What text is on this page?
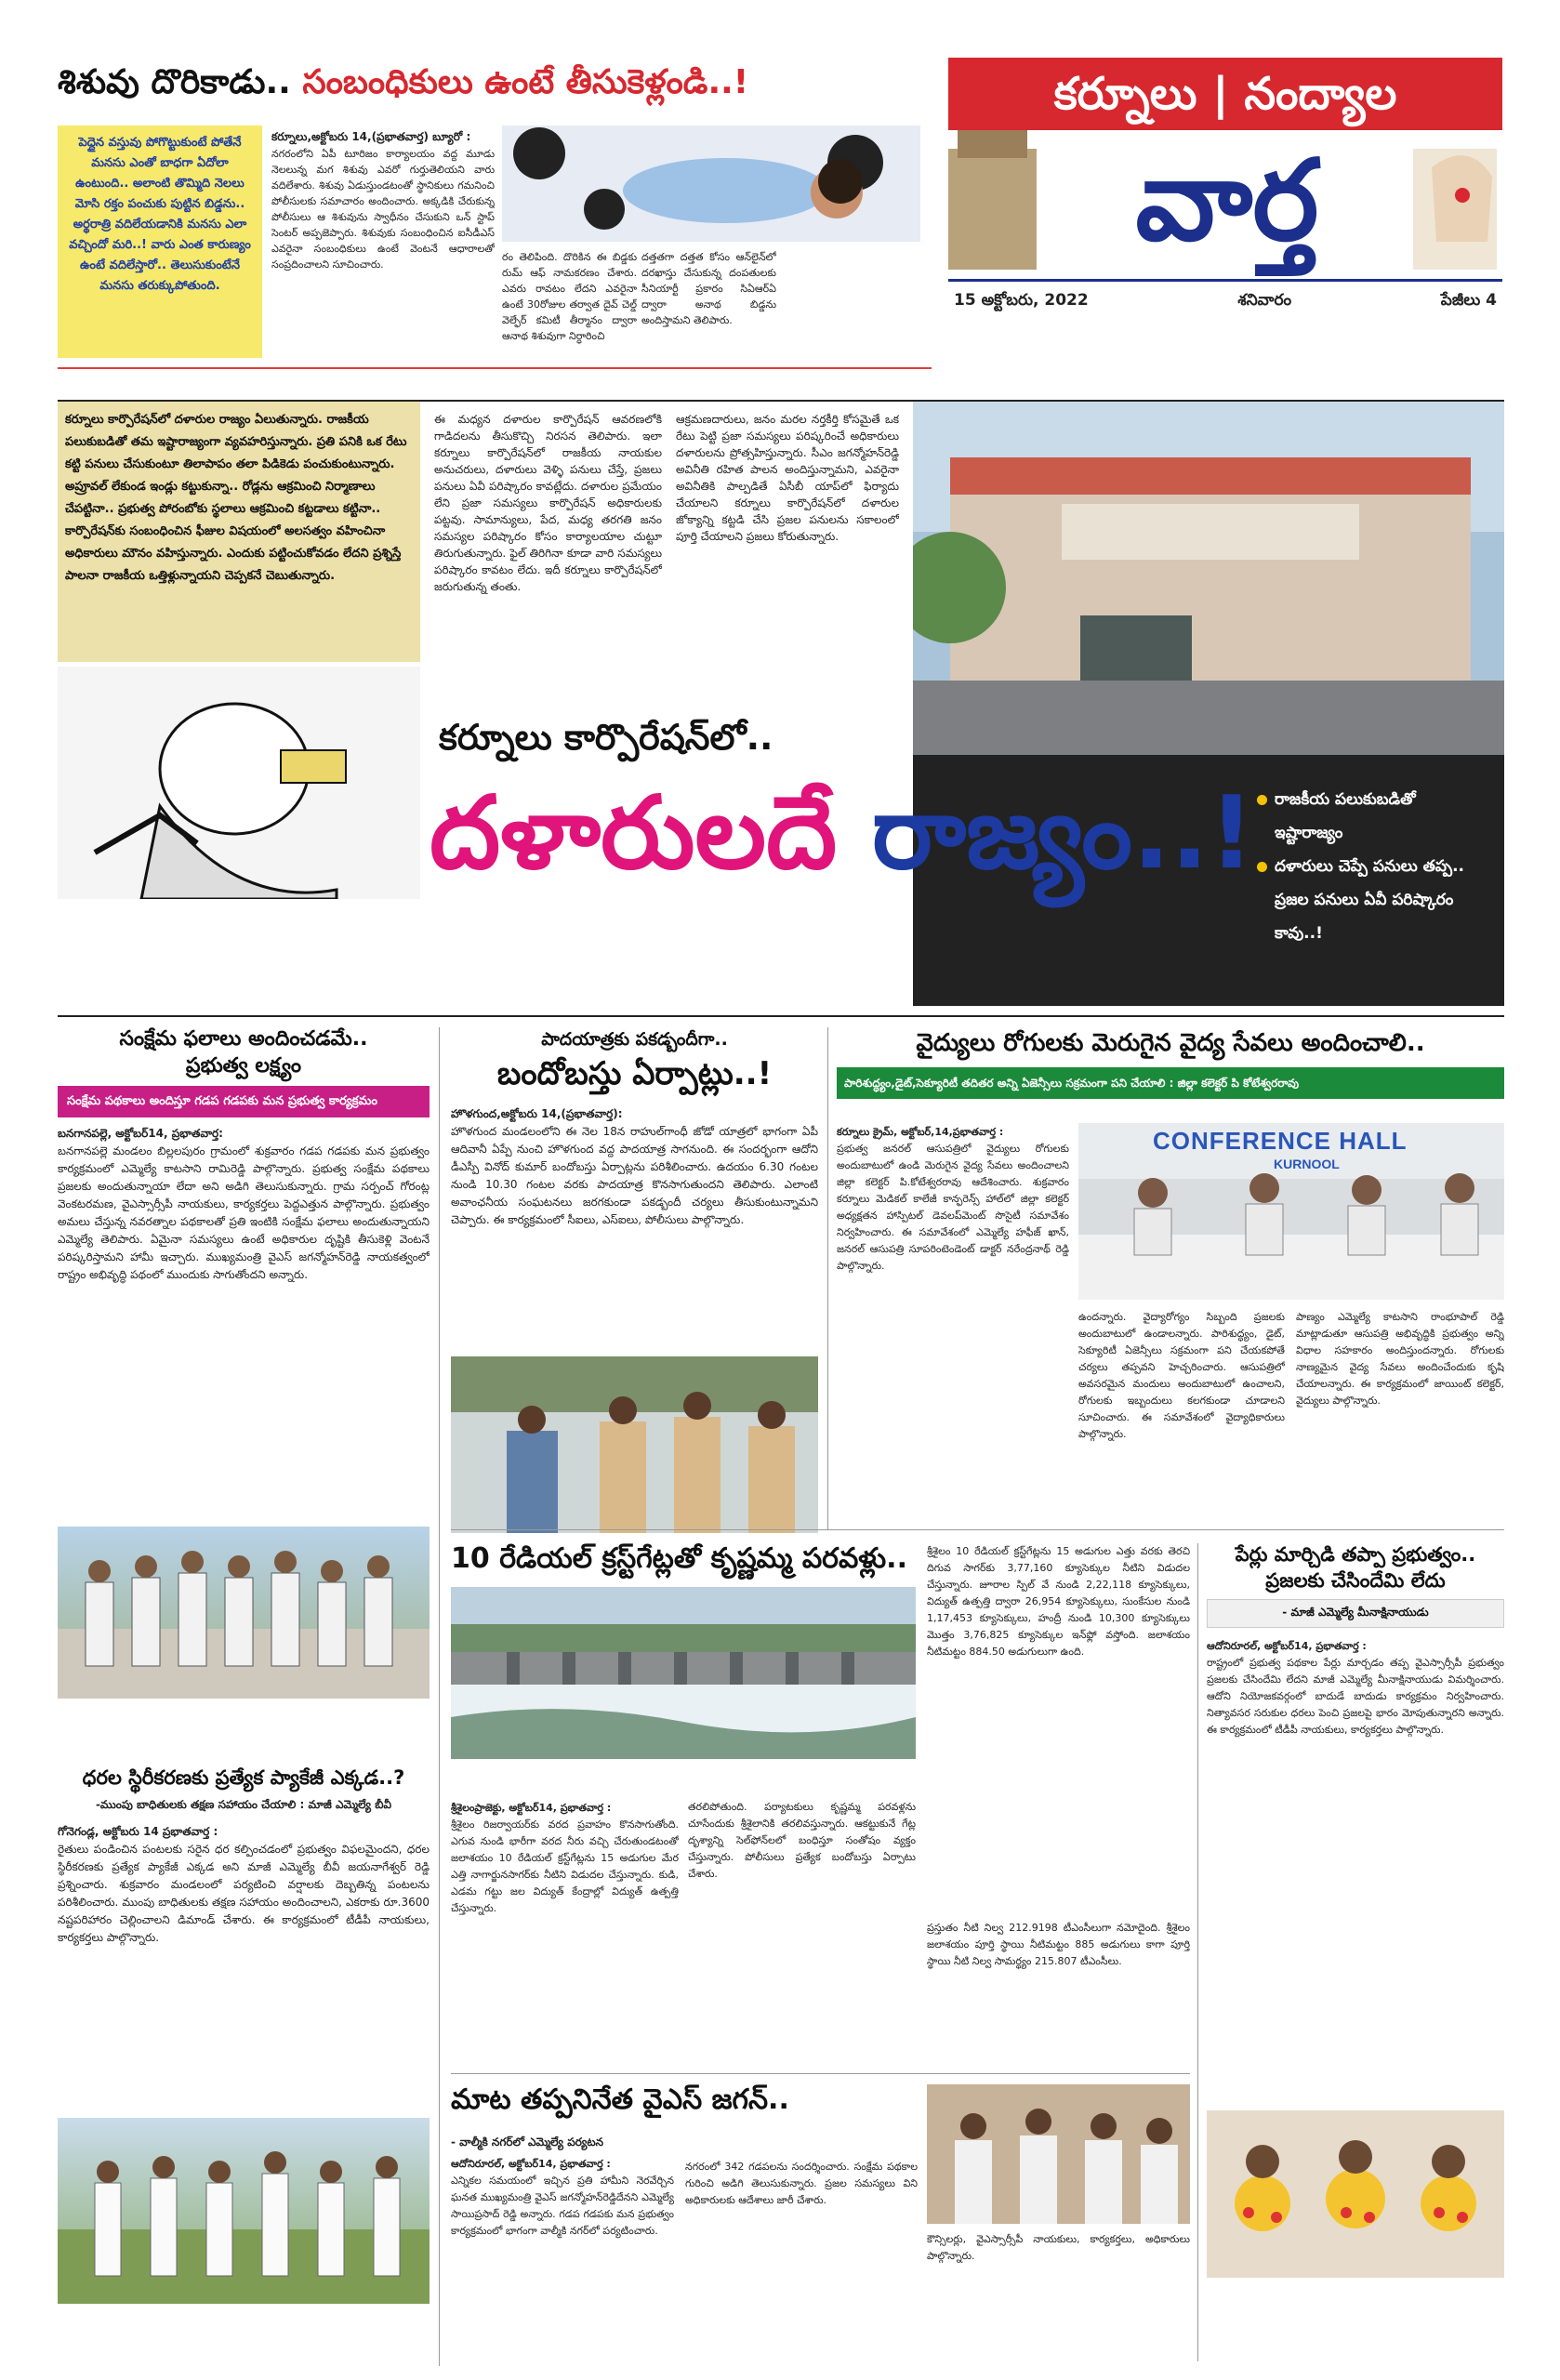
శిశువు దొరికాడు.. సంబంధికులు ఉంటే తీసుకెళ్లండి..!
పెద్దైన వస్తువు పోగొట్టుకుంటే పోతేనే మనసు ఎంతో బాధగా ఏదోలా ఉంటుంది.. అలాంటి తొమ్మిది నెలలు మోసి రక్తం పంచుకు పుట్టిన బిడ్డను.. అర్థరాత్రి వదిలేయడానికి మనసు ఎలా వచ్చిందో మరి..! వారు ఎంత కారుణ్యం ఉంటే వదిలేస్తారో.. తెలుసుకుంటేనే మనసు తరుక్కుపోతుంది.
కర్నూలు,అక్టోబరు 14,(ప్రభాతవార్త) బ్యూరో :
నగరంలోని ఏపీ టూరిజం కార్యాలయం వద్ద మూడు నెలలున్న మగ శిశువు ఎవరో గుర్తుతెలియని వారు వదిలేశారు. శిశువు ఏడుస్తుండటంతో స్థానికులు గమనించి పోలీసులకు సమాచారం అందించారు. అక్కడికి చేరుకున్న పోలీసులు ఆ శిశువును స్వాధీనం చేసుకుని ఒన్ స్టాప్ సెంటర్ అప్పజెప్పారు. శిశువుకు సంబంధించిన ఐసీడీఎస్ ఎవరైనా సంబంధికులు ఉంటే వెంటనే ఆధారాలతో సంప్రదించాలని సూచించారు.
రం తెలిపింది. దొరికిన ఈ బిడ్డకు రుమ్ ఆఫ్ నామకరణం చేశారు. ఎవరు రావటం లేదని ఎవరైనా ఉంటే 30రోజుల తర్వాత దైవ్ చెల్డ్ వెల్ఫేర్ కమిటీ తీర్మానం ద్వారా ఆనాథ శిశువుగా నిర్ధారించి
దత్తతగా దత్తత కోసం ఆన్‌లైన్‌లో దరఖాస్తు చేసుకున్న దంపతులకు సీనియార్టీ ప్రకారం సిఏఆర్ఏ ద్వారా అనాథ బిడ్డను అందిస్తామని తెలిపారు.
కర్నూలు | నంద్యాల
వార్త
15 అక్టోబరు, 2022	శనివారం	పేజీలు 4
కర్నూలు కార్పొరేషన్‌లో దళారుల రాజ్యం ఏలుతున్నారు. రాజకీయ పలుకుబడితో తమ ఇష్టారాజ్యంగా వ్యవహరిస్తున్నారు. ప్రతి పనికి ఒక రేటు కట్టి పనులు చేసుకుంటూ తిలాపాపం తలా పిడికెడు పంచుకుంటున్నారు. అప్రూవల్ లేకుండ ఇండ్లు కట్టుకున్నా.. రోడ్లను ఆక్రమించి నిర్మాణాలు చేపట్టినా.. ప్రభుత్వ పోరంబోకు స్థలాలు ఆక్రమించి కట్టడాలు కట్టినా.. కార్పొరేషన్‌కు సంబంధించిన ఫీజుల విషయంలో అలసత్వం వహించినా అధికారులు మౌనం వహిస్తున్నారు. ఎందుకు పట్టించుకోవడం లేదని ప్రశ్నిస్తే పాలనా రాజకీయ ఒత్తిళ్లున్నాయని చెప్పకనే చెబుతున్నారు.
ఈ మధ్యన దళారుల కార్పొరేషన్ ఆవరణలోకి గాడిదలను తీసుకొచ్చి నిరసన తెలిపారు. ఇలా కర్నూలు కార్పొరేషన్‌లో రాజకీయ నాయకుల అనుచరులు, దళారులు వెళ్ళి పనులు చేస్తే, ప్రజలు పనులు ఏవీ పరిష్కారం కావట్లేదు. దళారుల ప్రమేయం లేని ప్రజా సమస్యలు కార్పొరేషన్ అధికారులకు పట్టవు. సామాన్యులు, పేద, మధ్య తరగతి జనం సమస్యల పరిష్కారం కోసం కార్యాలయాల చుట్టూ తిరుగుతున్నారు. ఫైల్ తిరిగినా కూడా వారి సమస్యలు పరిష్కారం కావటం లేదు. ఇదీ కర్నూలు కార్పొరేషన్‌లో జరుగుతున్న తంతు.
ఆక్రమణదారులు, జనం మరల నర్తకీర్తి కోసమైతే ఒక రేటు పెట్టి ప్రజా సమస్యలు పరిష్కరించే అధికారులు దళారులను ప్రోత్సహిస్తున్నారు. సీఎం జగన్మోహన్‌రెడ్డి అవినీతి రహిత పాలన అందిస్తున్నామని, ఎవరైనా అవినీతికి పాల్పడితే ఏసీబీ యాప్‌లో ఫిర్యాదు చేయాలని కర్నూలు కార్పొరేషన్‌లో దళారుల జోక్యాన్ని కట్టడి చేసి ప్రజల పనులను సకాలంలో పూర్తి చేయాలని ప్రజలు కోరుతున్నారు.
రాజకీయ పలుకుబడితో
ఇష్టారాజ్యం
దళారులు చెప్పే పనులు తప్ప..
ప్రజల పనులు ఏవీ పరిష్కారం
కావు..!
కర్నూలు కార్పొరేషన్‌లో..
దళారులదే రాజ్యం..!
కర్నూలు, ప్రభాతవార్త బ్యూరో :
సంక్షేమ ఫలాలు అందించడమే..
ప్రభుత్వ లక్ష్యం
సంక్షేమ పథకాలు అందిస్తూ గడప గడపకు మన ప్రభుత్వ కార్యక్రమం
బనగానపల్లె, అక్టోబర్14, ప్రభాతవార్త:
బనగానపల్లె మండలం బిల్లలపురం గ్రామంలో శుక్రవారం గడప గడపకు మన ప్రభుత్వం కార్యక్రమంలో ఎమ్మెల్యే కాటసాని రామిరెడ్డి పాల్గొన్నారు. ప్రభుత్వ సంక్షేమ పథకాలు ప్రజలకు అందుతున్నాయా లేదా అని అడిగి తెలుసుకున్నారు. గ్రామ సర్పంచ్ గోరంట్ల వెంకటరమణ, వైఎస్సార్సీపీ నాయకులు, కార్యకర్తలు పెద్దఎత్తున పాల్గొన్నారు. ప్రభుత్వం అమలు చేస్తున్న నవరత్నాల పథకాలతో ప్రతి ఇంటికి సంక్షేమ ఫలాలు అందుతున్నాయని ఎమ్మెల్యే తెలిపారు. ఏమైనా సమస్యలు ఉంటే అధికారుల దృష్టికి తీసుకెళ్లి వెంటనే పరిష్కరిస్తామని హామీ ఇచ్చారు. ముఖ్యమంత్రి వైఎస్ జగన్మోహన్‌రెడ్డి నాయకత్వంలో రాష్ట్రం అభివృద్ధి పథంలో ముందుకు సాగుతోందని అన్నారు.
ధరల స్థిరీకరణకు ప్రత్యేక ప్యాకేజీ ఎక్కడ..?
-ముంపు బాధితులకు తక్షణ సహాయం చేయాలి : మాజీ ఎమ్మెల్యే బీవీ
గోనెగండ్ల, అక్టోబరు 14 ప్రభాతవార్త :
రైతులు పండించిన పంటలకు సరైన ధర కల్పించడంలో ప్రభుత్వం విఫలమైందని, ధరల స్థిరీకరణకు ప్రత్యేక ప్యాకేజీ ఎక్కడ అని మాజీ ఎమ్మెల్యే బీవీ జయనాగేశ్వర్ రెడ్డి ప్రశ్నించారు. శుక్రవారం మండలంలో పర్యటించి వర్షాలకు దెబ్బతిన్న పంటలను పరిశీలించారు. ముంపు బాధితులకు తక్షణ సహాయం అందించాలని, ఎకరాకు రూ.3600 నష్టపరిహారం చెల్లించాలని డిమాండ్ చేశారు. ఈ కార్యక్రమంలో టీడీపీ నాయకులు, కార్యకర్తలు పాల్గొన్నారు.
పాదయాత్రకు పకడ్బందీగా..
బందోబస్తు ఏర్పాట్లు..!
హొళగుంద,అక్టోబరు 14,(ప్రభాతవార్త):
హొళగుంద మండలంలోని ఈ నెల 18న రాహుల్‌గాంధీ జోడో యాత్రలో భాగంగా ఏపీ ఆదివానీ ఏప్పే నుంచి హొళగుంద వద్ద పాదయాత్ర సాగనుంది. ఈ సందర్భంగా ఆదోని డీఎస్పీ వినోద్ కుమార్ బందోబస్తు ఏర్పాట్లను పరిశీలించారు. ఉదయం 6.30 గంటల నుండి 10.30 గంటల వరకు పాదయాత్ర కొనసాగుతుందని తెలిపారు. ఎలాంటి అవాంఛనీయ సంఘటనలు జరగకుండా పకడ్బందీ చర్యలు తీసుకుంటున్నామని చెప్పారు. ఈ కార్యక్రమంలో సీఐలు, ఎస్‌ఐలు, పోలీసులు పాల్గొన్నారు.
వైద్యులు రోగులకు మెరుగైన వైద్య సేవలు అందించాలి..
పారిశుద్ధ్యం,డైట్,సెక్యూరిటీ తదితర అన్ని ఏజెన్సీలు సక్రమంగా పని చేయాలి : జిల్లా కలెక్టర్ పి కోటేశ్వరరావు
కర్నూలు క్రైమ్, అక్టోబర్,14,ప్రభాతవార్త :
ప్రభుత్వ జనరల్ ఆసుపత్రిలో వైద్యులు రోగులకు అందుబాటులో ఉండి మెరుగైన వైద్య సేవలు అందించాలని జిల్లా కలెక్టర్ పి.కోటేశ్వరరావు ఆదేశించారు. శుక్రవారం కర్నూలు మెడికల్ కాలేజీ కాన్ఫరెన్స్ హాల్‌లో జిల్లా కలెక్టర్ అధ్యక్షతన హాస్పిటల్ డెవలప్‌మెంట్ సొసైటీ సమావేశం నిర్వహించారు. ఈ సమావేశంలో ఎమ్మెల్యే హఫీజ్ ఖాన్, జనరల్ ఆసుపత్రి సూపరింటెండెంట్ డాక్టర్ నరేంద్రనాథ్ రెడ్డి పాల్గొన్నారు.
CONFERENCE HALL
KURNOOL
ఉందన్నారు. వైద్యారోగ్యం సిబ్బంది ప్రజలకు అందుబాటులో ఉండాలన్నారు. పారిశుద్ధ్యం, డైట్, సెక్యూరిటీ ఏజెన్సీలు సక్రమంగా పని చేయకపోతే చర్యలు తప్పవని హెచ్చరించారు. ఆసుపత్రిలో అవసరమైన మందులు అందుబాటులో ఉంచాలని, రోగులకు ఇబ్బందులు కలగకుండా చూడాలని సూచించారు. ఈ సమావేశంలో వైద్యాధికారులు పాల్గొన్నారు.
పాణ్యం ఎమ్మెల్యే కాటసాని రాంభూపాల్ రెడ్డి మాట్లాడుతూ ఆసుపత్రి అభివృద్ధికి ప్రభుత్వం అన్ని విధాల సహకారం అందిస్తుందన్నారు. రోగులకు నాణ్యమైన వైద్య సేవలు అందించేందుకు కృషి చేయాలన్నారు. ఈ కార్యక్రమంలో జాయింట్ కలెక్టర్, వైద్యులు పాల్గొన్నారు.
10 రేడియల్ క్రస్ట్‌గేట్లతో కృష్ణమ్మ పరవళ్లు..
శ్రీశైలంప్రాజెక్టు, అక్టోబర్14, ప్రభాతవార్త :
శ్రీశైలం రిజర్వాయర్‌కు వరద ప్రవాహం కొనసాగుతోంది. ఎగువ నుండి భారీగా వరద నీరు వచ్చి చేరుతుండటంతో జలాశయం 10 రేడియల్ క్రస్ట్‌గేట్లను 15 అడుగుల మేర ఎత్తి నాగార్జునసాగర్‌కు నీటిని విడుదల చేస్తున్నారు. కుడి, ఎడమ గట్టు జల విద్యుత్ కేంద్రాల్లో విద్యుత్ ఉత్పత్తి చేస్తున్నారు.
తరలిపోతుంది. పర్యాటకులు కృష్ణమ్మ పరవళ్లను చూసేందుకు శ్రీశైలానికి తరలివస్తున్నారు. ఆకట్టుకునే గేట్ల దృశ్యాన్ని సెల్‌ఫోన్‌లలో బంధిస్తూ సంతోషం వ్యక్తం చేస్తున్నారు. పోలీసులు ప్రత్యేక బందోబస్తు ఏర్పాటు చేశారు.
శ్రీశైలం 10 రేడియల్ క్రస్ట్‌గేట్లను 15 అడుగుల ఎత్తు వరకు తెరచి దిగువ సాగర్‌కు 3,77,160 క్యూసెక్కుల నీటిని విడుదల చేస్తున్నారు. జూరాల స్పిల్ వే నుండి 2,22,118 క్యూసెక్కులు, విద్యుత్ ఉత్పత్తి ద్వారా 26,954 క్యూసెక్కులు, సుంకేసుల నుండి 1,17,453 క్యూసెక్కులు, హంద్రీ నుండి 10,300 క్యూసెక్కులు మొత్తం 3,76,825 క్యూసెక్కుల ఇన్‌ఫ్లో వస్తోంది. జలాశయం నీటిమట్టం 884.50 అడుగులుగా ఉంది.
ప్రస్తుతం నీటి నిల్వ 212.9198 టీఎంసీలుగా నమోదైంది. శ్రీశైలం జలాశయం పూర్తి స్థాయి నీటిమట్టం 885 అడుగులు కాగా పూర్తి స్థాయి నీటి నిల్వ సామర్థ్యం 215.807 టీఎంసీలు.
పేర్లు మార్చిడి తప్పా ప్రభుత్వం..
ప్రజలకు చేసిందేమి లేదు
- మాజీ ఎమ్మెల్యే మీనాక్షినాయుడు
ఆదోనిరూరల్, అక్టోబర్14, ప్రభాతవార్త :
రాష్ట్రంలో ప్రభుత్వ పథకాల పేర్లు మార్చడం తప్ప వైఎస్సార్సీపీ ప్రభుత్వం ప్రజలకు చేసిందేమి లేదని మాజీ ఎమ్మెల్యే మీనాక్షినాయుడు విమర్శించారు. ఆదోని నియోజకవర్గంలో బాదుడే బాదుడు కార్యక్రమం నిర్వహించారు. నిత్యావసర సరుకుల ధరలు పెంచి ప్రజలపై భారం మోపుతున్నారని అన్నారు. ఈ కార్యక్రమంలో టీడీపీ నాయకులు, కార్యకర్తలు పాల్గొన్నారు.
మాట తప్పనినేత వైఎస్ జగన్..
- వాల్మీకి నగర్‌లో ఎమ్మెల్యే పర్యటన
ఆదోనిరూరల్, అక్టోబర్14, ప్రభాతవార్త :
ఎన్నికల సమయంలో ఇచ్చిన ప్రతి హామీని నెరవేర్చిన ఘనత ముఖ్యమంత్రి వైఎస్ జగన్మోహన్‌రెడ్డిదేనని ఎమ్మెల్యే సాయిప్రసాద్ రెడ్డి అన్నారు. గడప గడపకు మన ప్రభుత్వం కార్యక్రమంలో భాగంగా వాల్మీకి నగర్‌లో పర్యటించారు.
నగరంలో 342 గడపలను సందర్శించారు. సంక్షేమ పథకాల గురించి అడిగి తెలుసుకున్నారు. ప్రజల సమస్యలు విని అధికారులకు ఆదేశాలు జారీ చేశారు.
కౌన్సిలర్లు, వైఎస్సార్సీపీ నాయకులు, కార్యకర్తలు, అధికారులు పాల్గొన్నారు.
